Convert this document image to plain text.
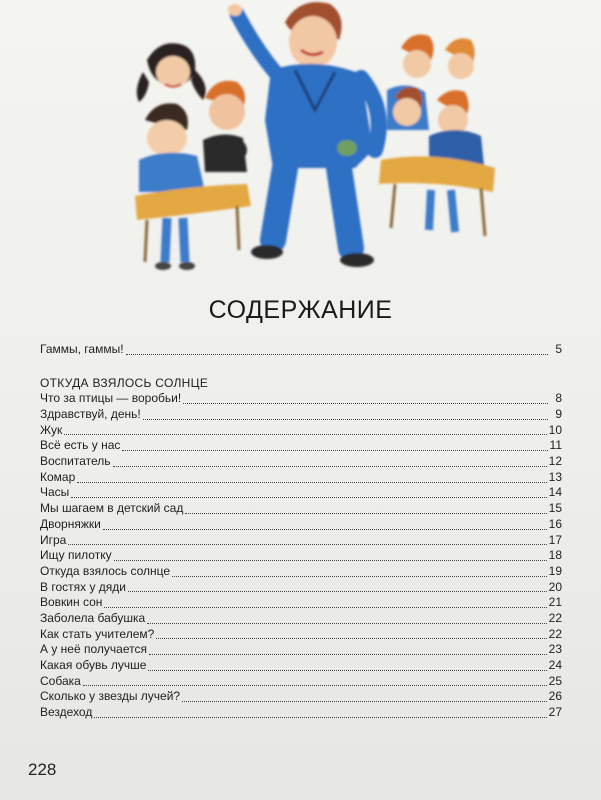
СОДЕРЖАНИЕ
Гаммы, гаммы!	5
ОТКУДА ВЗЯЛОСЬ СОЛНЦЕ
Что за птицы — воробьи!	8
Здравствуй, день!	9
Жук	10
Всё есть у нас	11
Воспитатель	12
Комар	13
Часы	14
Мы шагаем в детский сад	15
Дворняжки	16
Игра	17
Ищу пилотку	18
Откуда взялось солнце	19
В гостях у дяди	20
Вовкин сон	21
Заболела бабушка	22
Как стать учителем?	22
А у неё получается	23
Какая обувь лучше	24
Собака	25
Сколько у звезды лучей?	26
Вездеход	27
228
